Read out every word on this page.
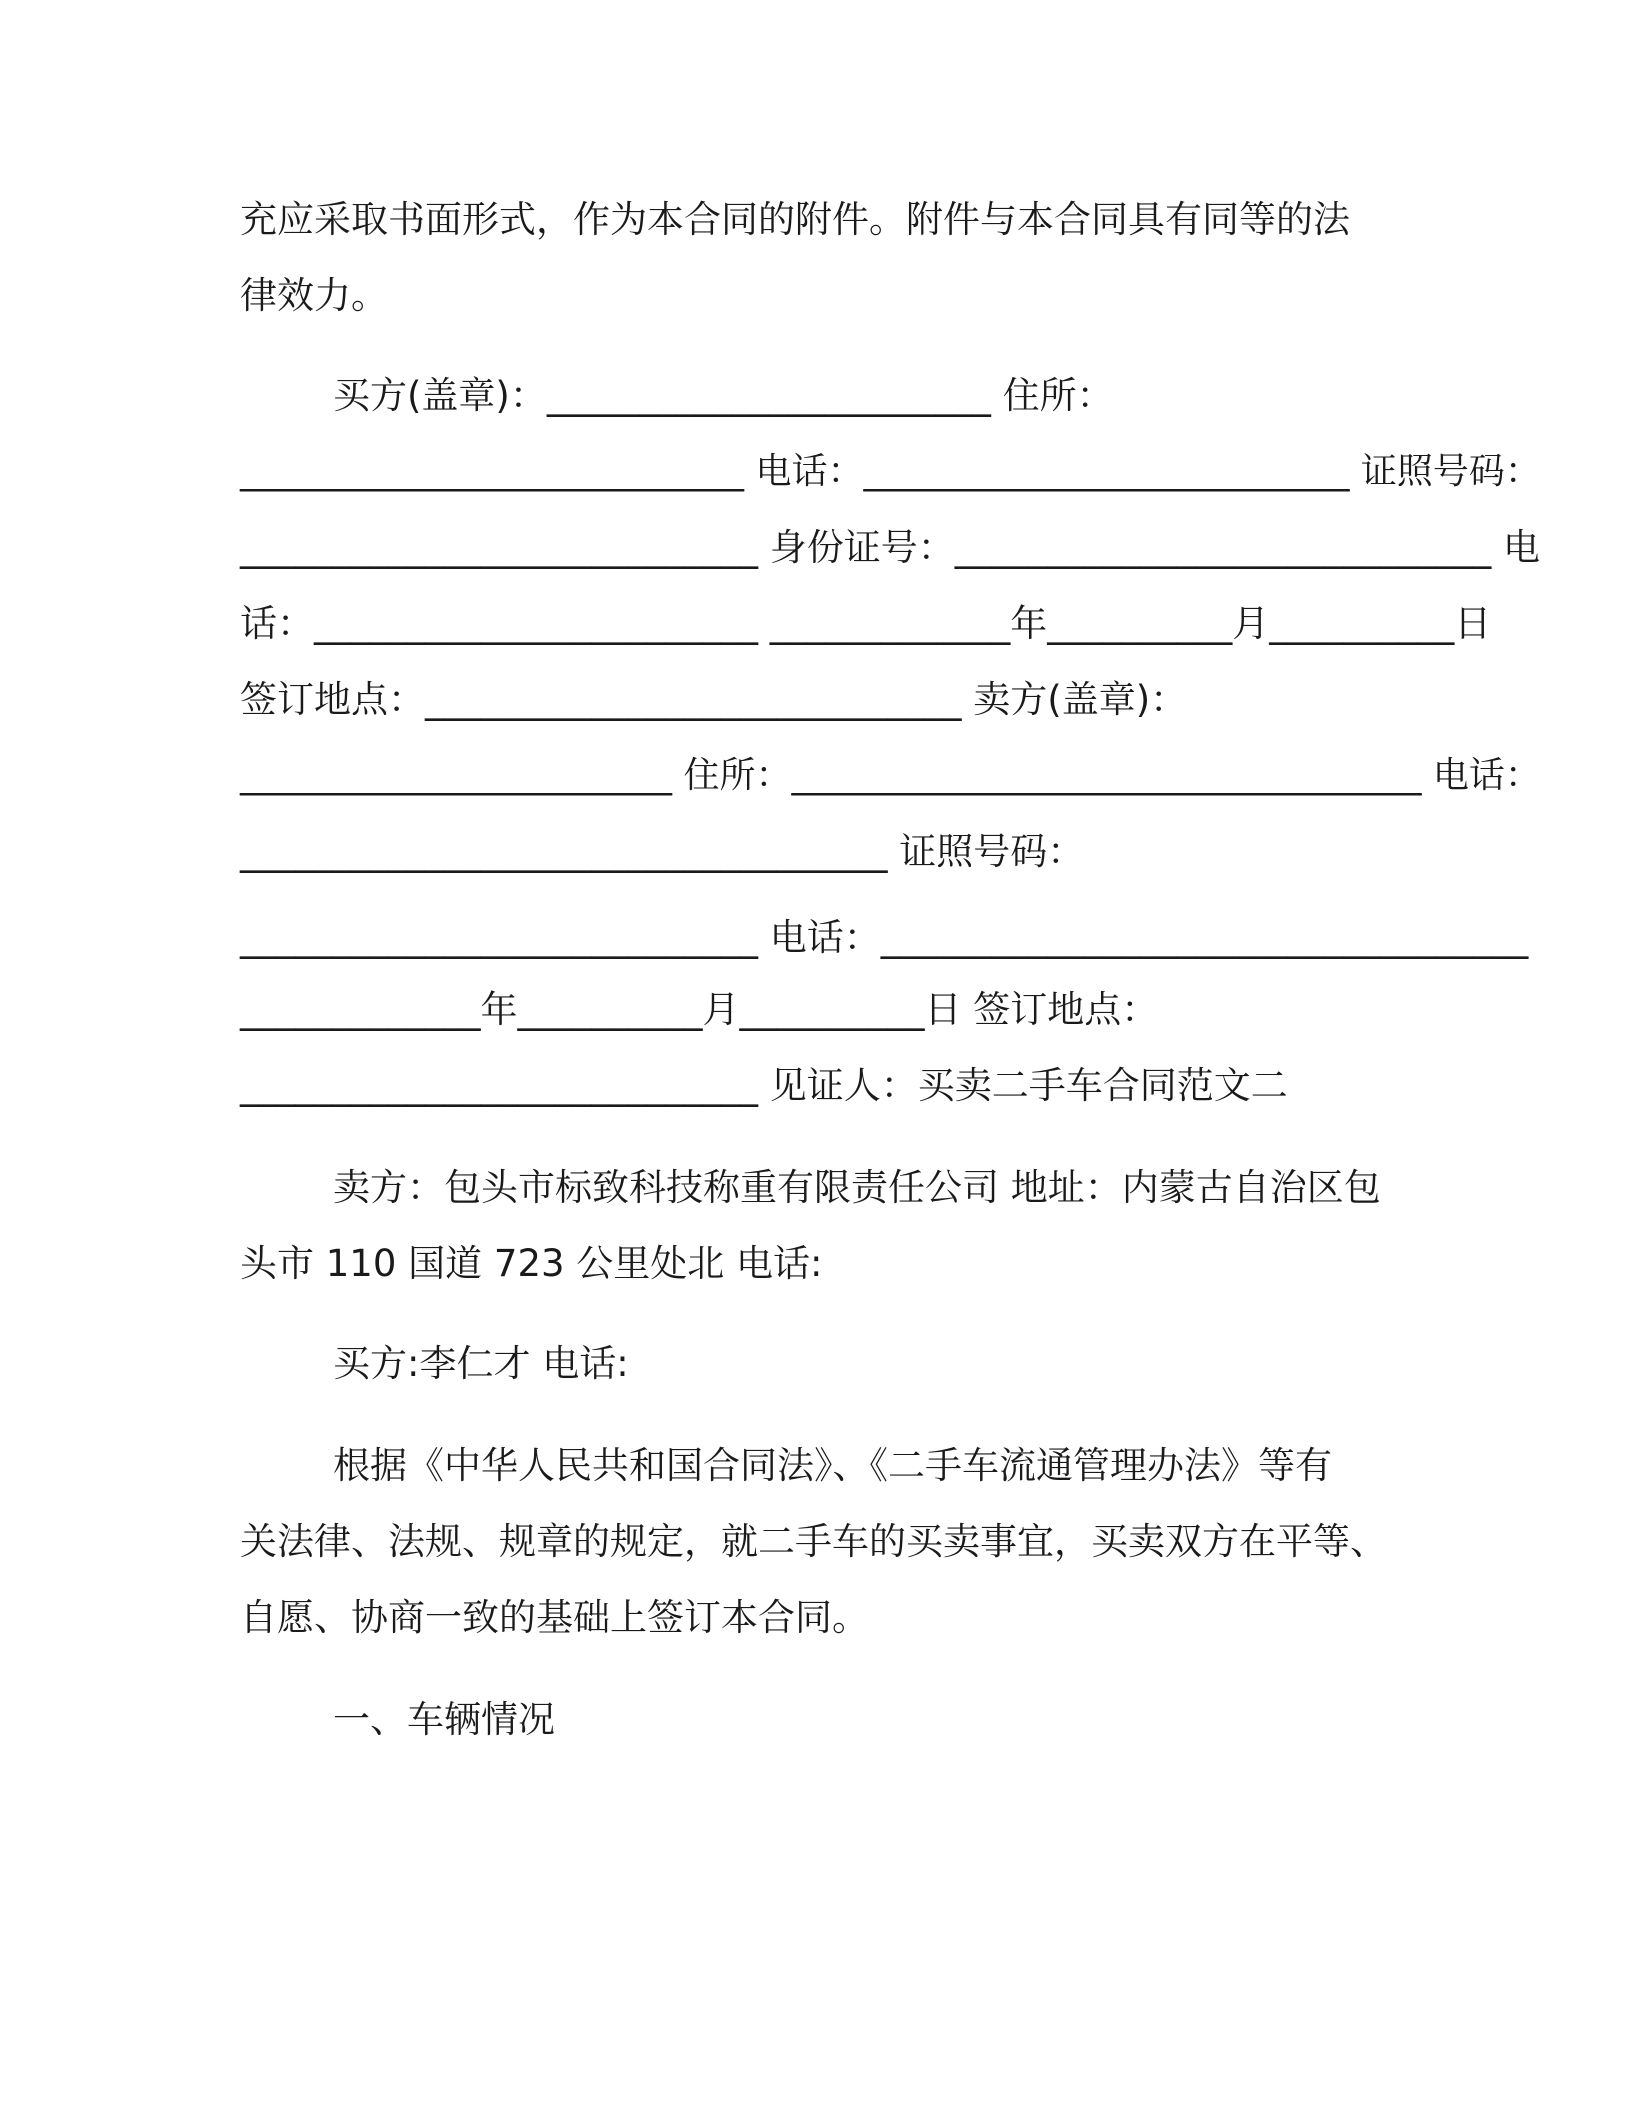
充应采取书面形式，作为本合同的附件。附件与本合同具有同等的法
律效力。
买方(盖章)：________________________ 住所：
____________________________ 电话：___________________________ 证照号码：
____________________________ 身份证号：_____________________________ 电
话：________________________ _____________年__________月__________日
签订地点：_____________________________ 卖方(盖章)：
________________________ 住所：___________________________________ 电话：
___________________________________ 证照号码：
____________________________ 电话：___________________________________
_____________年__________月__________日 签订地点：
____________________________ 见证人：买卖二手车合同范文二
卖方：包头市标致科技称重有限责任公司 地址：内蒙古自治区包
头市 110 国道 723 公里处北 电话:
买方:李仁才 电话:
根据《中华人民共和国合同法》、《二手车流通管理办法》等有
关法律、法规、规章的规定，就二手车的买卖事宜，买卖双方在平等、
自愿、协商一致的基础上签订本合同。
一、车辆情况
